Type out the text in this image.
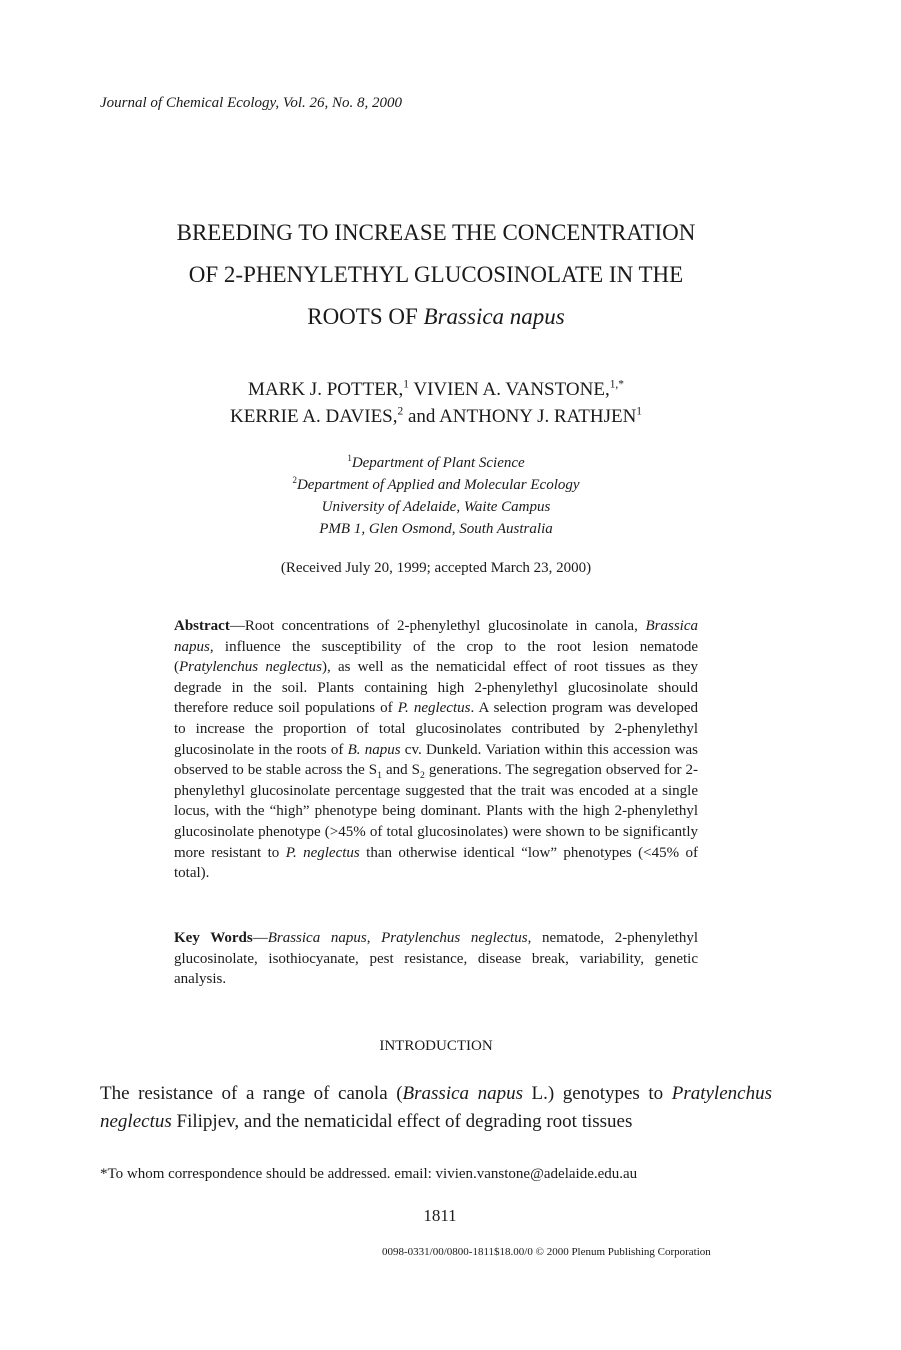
Journal of Chemical Ecology, Vol. 26, No. 8, 2000
BREEDING TO INCREASE THE CONCENTRATION
OF 2-PHENYLETHYL GLUCOSINOLATE IN THE
ROOTS OF Brassica napus
MARK J. POTTER,$^1$ VIVIEN A. VANSTONE,$^{1,*}$
KERRIE A. DAVIES,$^2$ and ANTHONY J. RATHJEN$^1$
$^1$Department of Plant Science
$^2$Department of Applied and Molecular Ecology
University of Adelaide, Waite Campus
PMB 1, Glen Osmond, South Australia
(Received July 20, 1999; accepted March 23, 2000)
Abstract—Root concentrations of 2-phenylethyl glucosinolate in canola, Brassica napus, influence the susceptibility of the crop to the root lesion nematode (Pratylenchus neglectus), as well as the nematicidal effect of root tissues as they degrade in the soil. Plants containing high 2-phenylethyl glucosinolate should therefore reduce soil populations of P. neglectus. A selection program was developed to increase the proportion of total glucosinolates contributed by 2-phenylethyl glucosinolate in the roots of B. napus cv. Dunkeld. Variation within this accession was observed to be stable across the $S_1$ and $S_2$ generations. The segregation observed for 2-phenylethyl glucosinolate percentage suggested that the trait was encoded at a single locus, with the “high” phenotype being dominant. Plants with the high 2-phenylethyl glucosinolate phenotype (>45% of total glucosinolates) were shown to be significantly more resistant to P. neglectus than otherwise identical “low” phenotypes (<45% of total).
Key Words—Brassica napus, Pratylenchus neglectus, nematode, 2-phenylethyl glucosinolate, isothiocyanate, pest resistance, disease break, variability, genetic analysis.
INTRODUCTION
The resistance of a range of canola (Brassica napus L.) genotypes to Pratylenchus neglectus Filipjev, and the nematicidal effect of degrading root tissues
*To whom correspondence should be addressed. email: vivien.vanstone@adelaide.edu.au
1811
0098-0331/00/0800-1811$18.00/0 © 2000 Plenum Publishing Corporation
